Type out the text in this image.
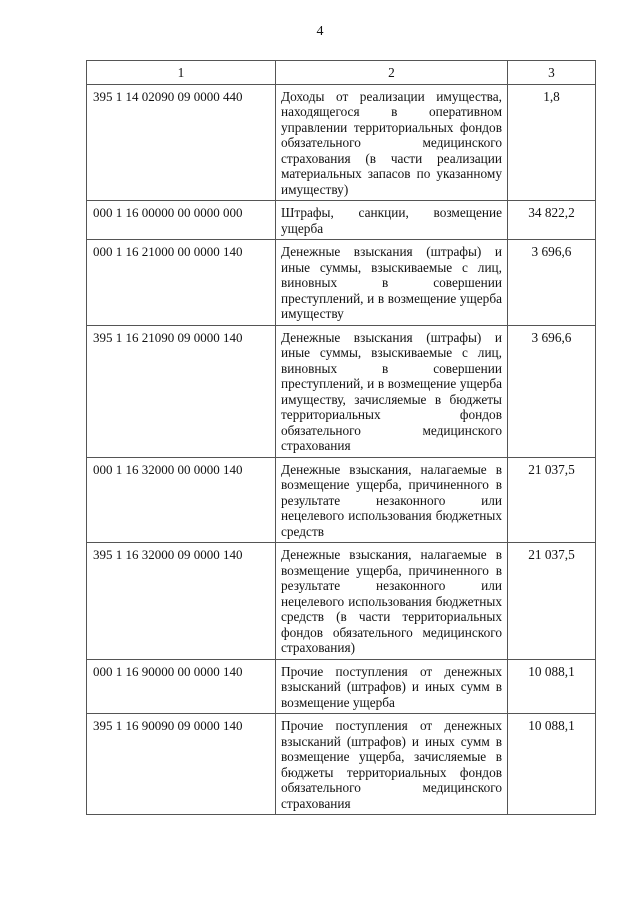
4
1	2	3
395 1 14 02090 09 0000 440	Доходы от реализации имущества, находящегося в оперативном управлении территориальных фондов обязательного медицинского страхования (в части реализации материальных запасов по указанному имуществу)	1,8
000 1 16 00000 00 0000 000	Штрафы, санкции, возмещение ущерба	34 822,2
000 1 16 21000 00 0000 140	Денежные взыскания (штрафы) и иные суммы, взыскиваемые с лиц, виновных в совершении преступлений, и в возмещение ущерба имуществу	3 696,6
395 1 16 21090 09 0000 140	Денежные взыскания (штрафы) и иные суммы, взыскиваемые с лиц, виновных в совершении преступлений, и в возмещение ущерба имуществу, зачисляемые в бюджеты территориальных фондов обязательного медицинского страхования	3 696,6
000 1 16 32000 00 0000 140	Денежные взыскания, налагаемые в возмещение ущерба, причиненного в результате незаконного или нецелевого использования бюджетных средств	21 037,5
395 1 16 32000 09 0000 140	Денежные взыскания, налагаемые в возмещение ущерба, причиненного в результате незаконного или нецелевого использования бюджетных средств (в части территориальных фондов обязательного медицинского страхования)	21 037,5
000 1 16 90000 00 0000 140	Прочие поступления от денежных взысканий (штрафов) и иных сумм в возмещение ущерба	10 088,1
395 1 16 90090 09 0000 140	Прочие поступления от денежных взысканий (штрафов) и иных сумм в возмещение ущерба, зачисляемые в бюджеты территориальных фондов обязательного медицинского страхования	10 088,1
